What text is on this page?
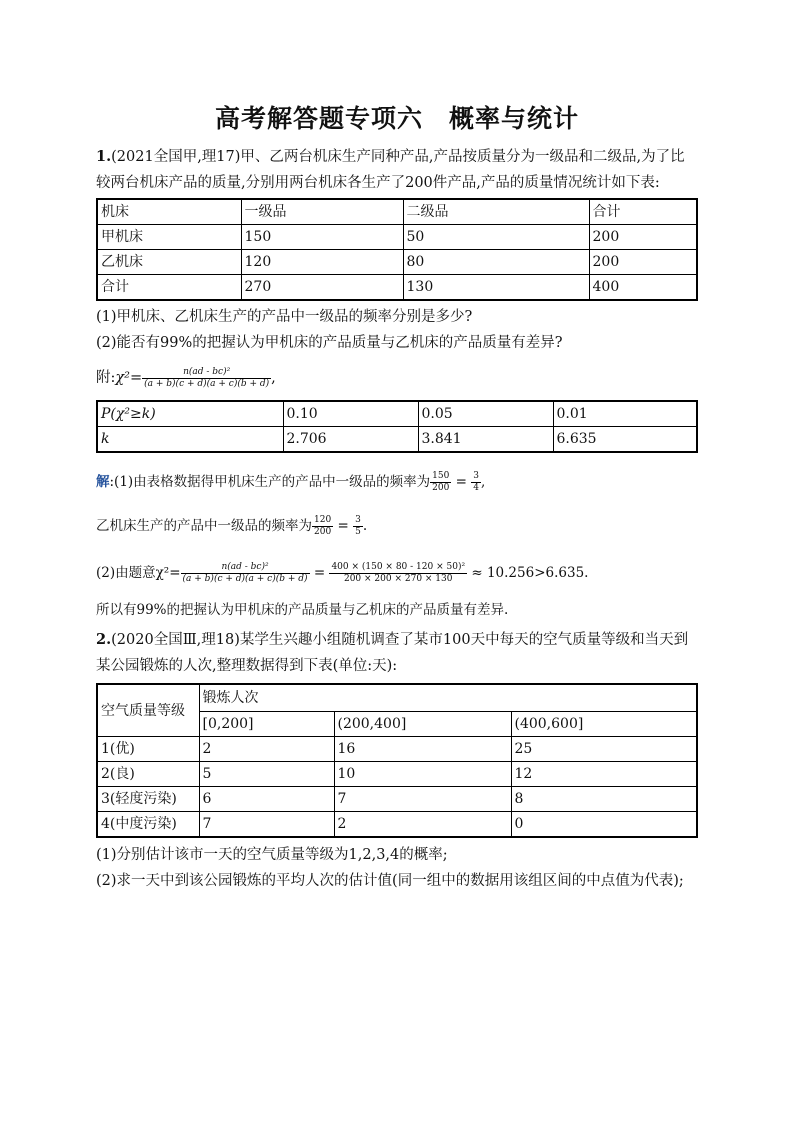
高考解答题专项六　概率与统计

1.(2021全国甲,理17)甲、乙两台机床生产同种产品,产品按质量分为一级品和二级品,为了比较两台机床产品的质量,分别用两台机床各生产了200件产品,产品的质量情况统计如下表:

机床	一级品	二级品	合计
甲机床	150	50	200
乙机床	120	80	200
合计	270	130	400

(1)甲机床、乙机床生产的产品中一级品的频率分别是多少?

(2)能否有99%的把握认为甲机床的产品质量与乙机床的产品质量有差异?

附:χ²= $\frac{\text{n(ad - bc)²}}{(a + b)(c + d)(a + c)(b + d)}$ ,

P(χ²≥k)	0.10	0.05	0.01
k	2.706	3.841	6.635

解:(1)由表格数据得甲机床生产的产品中一级品的频率为 $\frac{150}{200} = \frac{3}{4}$ ,

乙机床生产的产品中一级品的频率为 $\frac{120}{200} = \frac{3}{5}$ .

(2)由题意$\chi^2= \frac{\text{n(ad - bc)²}}{(a + b)(c + d)(a + c)(b + d)} = \frac{\text{400 × (150 × 80 - 120 × 50)²}}{200 \times 200 \times 270 \times 130} \approx 10.256>6.635$.

所以有99%的把握认为甲机床的产品质量与乙机床的产品质量有差异.

2.(2020全国Ⅲ,理18)某学生兴趣小组随机调查了某市100天中每天的空气质量等级和当天到某公园锻炼的人次,整理数据得到下表(单位:天):

空气质量等级	锻炼人次		
	[0,200]	(200,400]	(400,600]
1(优)	2	16	25
2(良)	5	10	12
3(轻度污染)	6	7	8
4(中度污染)	7	2	0

(1)分别估计该市一天的空气质量等级为1,2,3,4的概率;

(2)求一天中到该公园锻炼的平均人次的估计值(同一组中的数据用该组区间的中点值为代表);
